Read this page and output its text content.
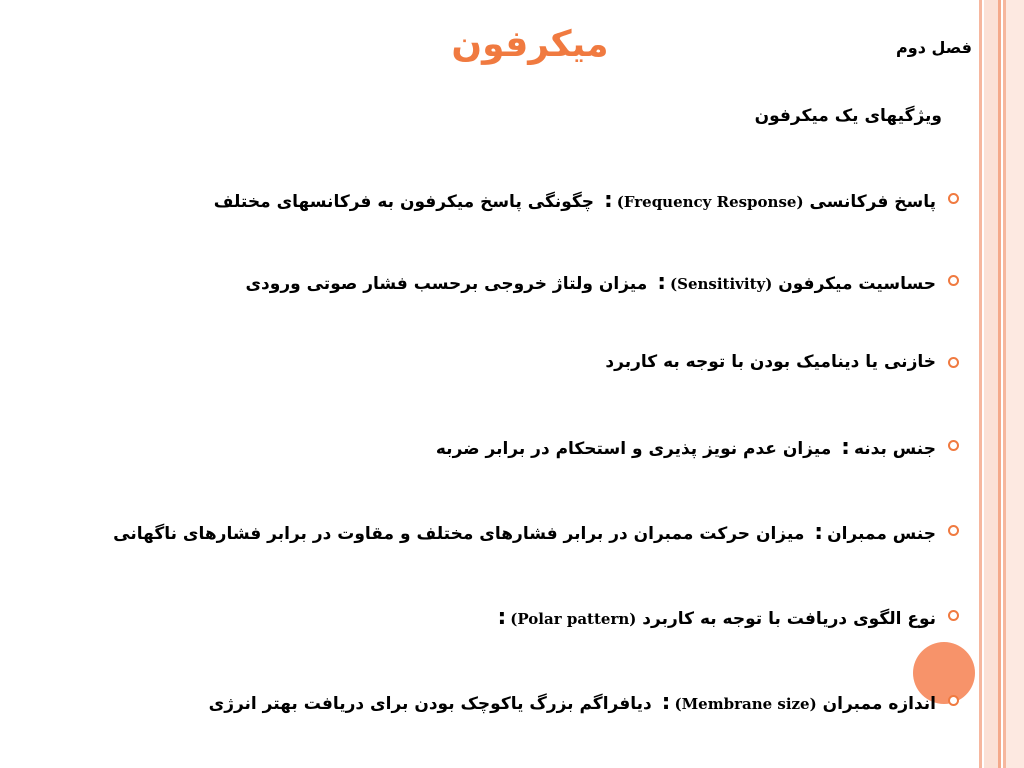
میکرفون	فصل دوم
ویژگیهای یک میکرفون
پاسخ فرکانسی (Frequency Response): چگونگی پاسخ میکرفون به فرکانسهای مختلف
حساسیت میکرفون (Sensitivity): میزان ولتاژ خروجی برحسب فشار صوتی ورودی
خازنی یا دینامیک بودن با توجه به کاربرد
جنس بدنه: میزان عدم نویز پذیری و استحکام در برابر ضربه
جنس ممبران: میزان حرکت ممبران در برابر فشارهای مختلف و مقاوت در برابر فشارهای ناگهانی
نوع الگوی دریافت با توجه به کاربرد (Polar pattern):
اندازه ممبران (Membrane size): دیافراگم بزرگ یاکوچک بودن برای دریافت بهتر انرژی
